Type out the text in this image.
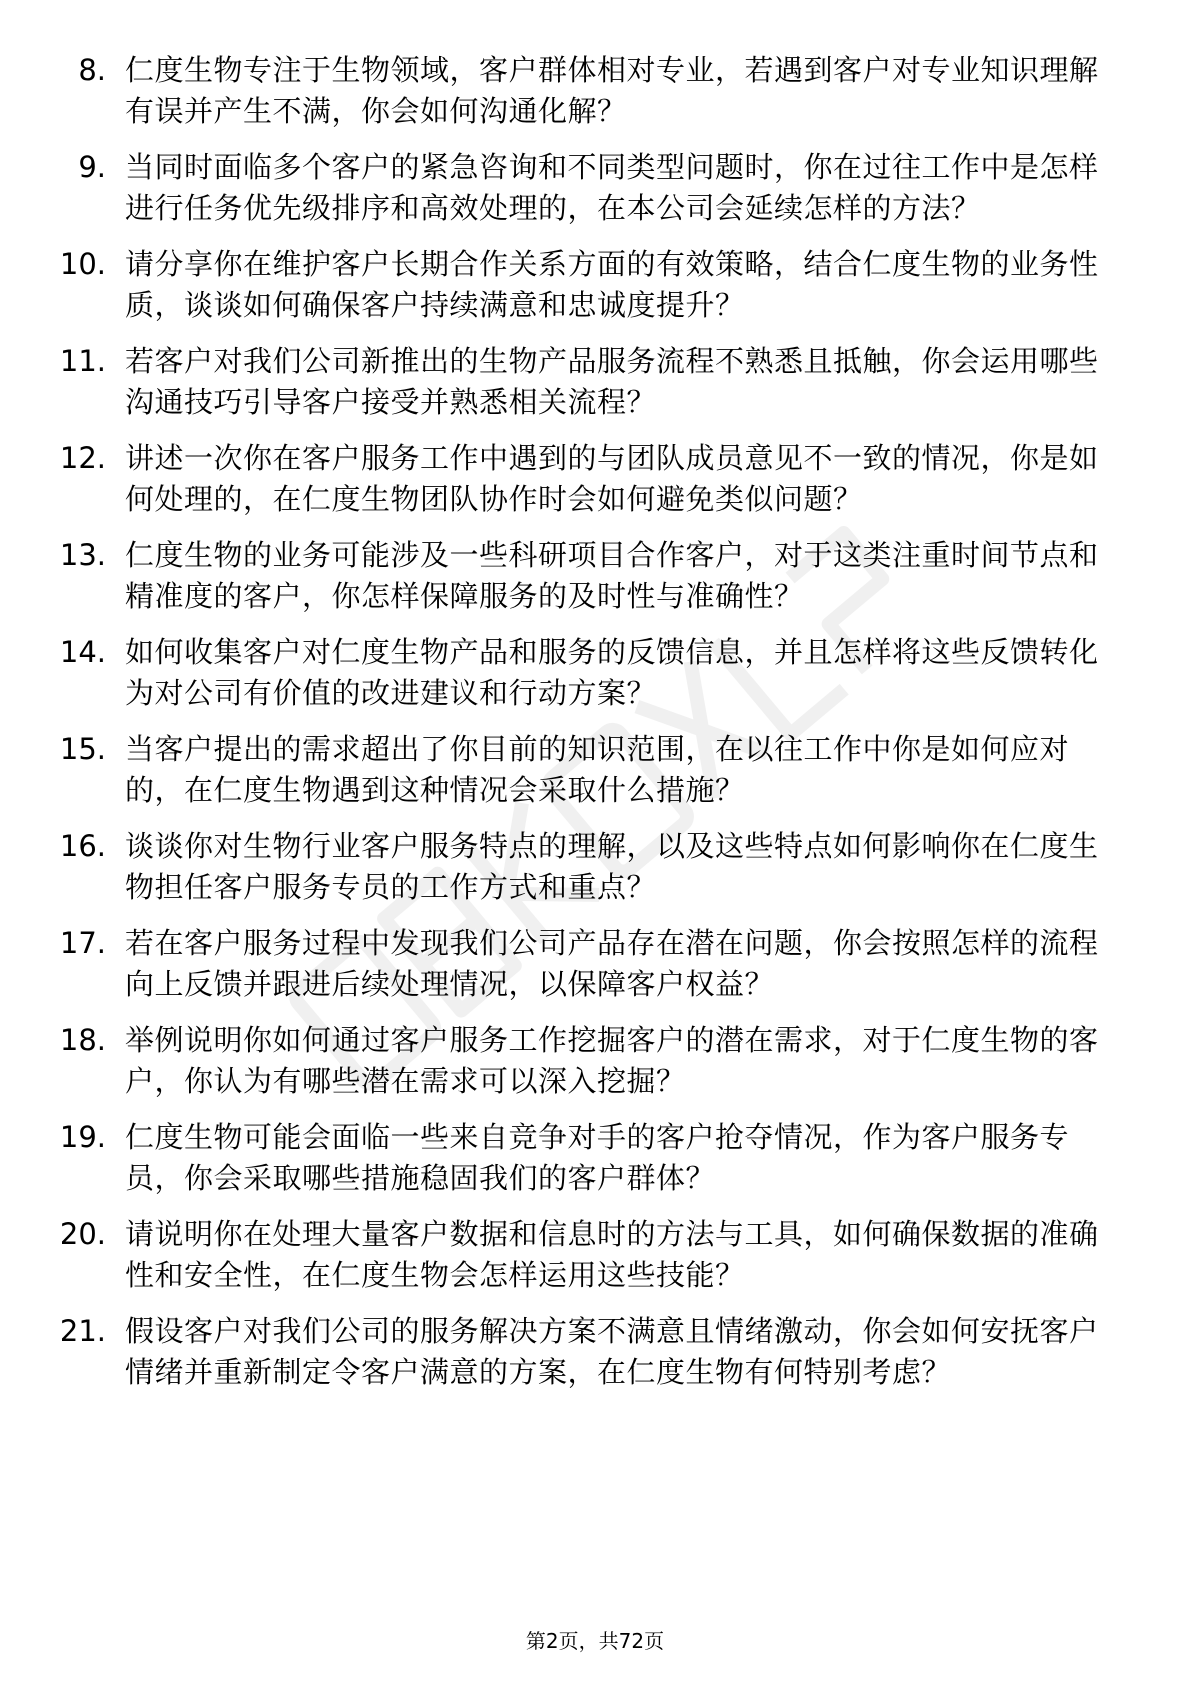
8. 仁度生物专注于生物领域，客户群体相对专业，若遇到客户对专业知识理解有误并产生不满，你会如何沟通化解？
9. 当同时面临多个客户的紧急咨询和不同类型问题时，你在过往工作中是怎样进行任务优先级排序和高效处理的，在本公司会延续怎样的方法？
10. 请分享你在维护客户长期合作关系方面的有效策略，结合仁度生物的业务性质，谈谈如何确保客户持续满意和忠诚度提升？
11. 若客户对我们公司新推出的生物产品服务流程不熟悉且抵触，你会运用哪些沟通技巧引导客户接受并熟悉相关流程？
12. 讲述一次你在客户服务工作中遇到的与团队成员意见不一致的情况，你是如何处理的，在仁度生物团队协作时会如何避免类似问题？
13. 仁度生物的业务可能涉及一些科研项目合作客户，对于这类注重时间节点和精准度的客户，你怎样保障服务的及时性与准确性？
14. 如何收集客户对仁度生物产品和服务的反馈信息，并且怎样将这些反馈转化为对公司有价值的改进建议和行动方案？
15. 当客户提出的需求超出了你目前的知识范围，在以往工作中你是如何应对的，在仁度生物遇到这种情况会采取什么措施？
16. 谈谈你对生物行业客户服务特点的理解，以及这些特点如何影响你在仁度生物担任客户服务专员的工作方式和重点？
17. 若在客户服务过程中发现我们公司产品存在潜在问题，你会按照怎样的流程向上反馈并跟进后续处理情况，以保障客户权益？
18. 举例说明你如何通过客户服务工作挖掘客户的潜在需求，对于仁度生物的客户，你认为有哪些潜在需求可以深入挖掘？
19. 仁度生物可能会面临一些来自竞争对手的客户抢夺情况，作为客户服务专员，你会采取哪些措施稳固我们的客户群体？
20. 请说明你在处理大量客户数据和信息时的方法与工具，如何确保数据的准确性和安全性，在仁度生物会怎样运用这些技能？
21. 假设客户对我们公司的服务解决方案不满意且情绪激动，你会如何安抚客户情绪并重新制定令客户满意的方案，在仁度生物有何特别考虑？
第2页，共72页
